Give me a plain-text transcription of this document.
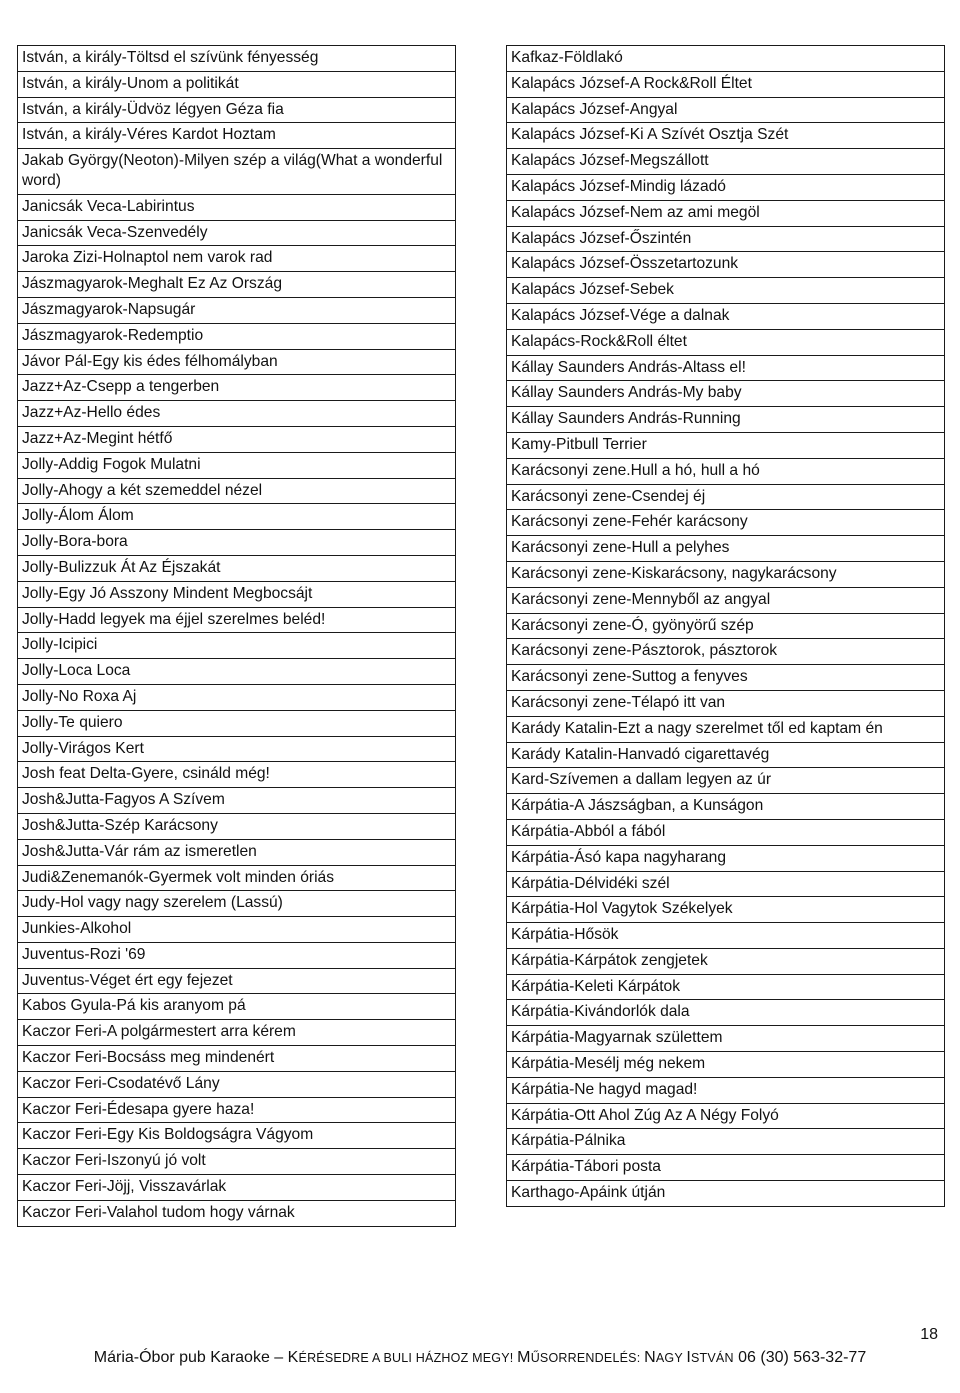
István, a király-Töltsd el szívünk fényesség
István, a király-Unom a politikát
István, a király-Üdvöz légyen Géza fia
István, a király-Véres Kardot Hoztam
Jakab György(Neoton)-Milyen szép a világ(What a wonderful word)
Janicsák Veca-Labirintus
Janicsák Veca-Szenvedély
Jaroka Zizi-Holnaptol nem varok rad
Jászmagyarok-Meghalt Ez Az Ország
Jászmagyarok-Napsugár
Jászmagyarok-Redemptio
Jávor Pál-Egy kis édes félhomályban
Jazz+Az-Csepp a tengerben
Jazz+Az-Hello édes
Jazz+Az-Megint hétfő
Jolly-Addig Fogok Mulatni
Jolly-Ahogy a két szemeddel nézel
Jolly-Álom Álom
Jolly-Bora-bora
Jolly-Bulizzuk Át Az Éjszakát
Jolly-Egy Jó Asszony Mindent Megbocsájt
Jolly-Hadd legyek ma éjjel szerelmes beléd!
Jolly-Icipici
Jolly-Loca Loca
Jolly-No Roxa Aj
Jolly-Te quiero
Jolly-Virágos Kert
Josh feat Delta-Gyere, csináld még!
Josh&Jutta-Fagyos A Szívem
Josh&Jutta-Szép Karácsony
Josh&Jutta-Vár rám az ismeretlen
Judi&Zenemanók-Gyermek volt minden óriás
Judy-Hol vagy nagy szerelem (Lassú)
Junkies-Alkohol
Juventus-Rozi '69
Juventus-Véget ért egy fejezet
Kabos Gyula-Pá kis aranyom pá
Kaczor Feri-A polgármestert arra kérem
Kaczor Feri-Bocsáss meg mindenért
Kaczor Feri-Csodatévő Lány
Kaczor Feri-Édesapa gyere haza!
Kaczor Feri-Egy Kis Boldogságra Vágyom
Kaczor Feri-Iszonyú jó volt
Kaczor Feri-Jöjj, Visszavárlak
Kaczor Feri-Valahol tudom hogy várnak
Kafkaz-Földlakó
Kalapács József-A Rock&Roll Éltet
Kalapács József-Angyal
Kalapács József-Ki A Szívét Osztja Szét
Kalapács József-Megszállott
Kalapács József-Mindig lázadó
Kalapács József-Nem az ami megöl
Kalapács József-Őszintén
Kalapács József-Összetartozunk
Kalapács József-Sebek
Kalapács József-Vége a dalnak
Kalapács-Rock&Roll éltet
Kállay Saunders András-Altass el!
Kállay Saunders András-My baby
Kállay Saunders András-Running
Kamy-Pitbull Terrier
Karácsonyi zene.Hull a hó, hull a hó
Karácsonyi zene-Csendej éj
Karácsonyi zene-Fehér karácsony
Karácsonyi zene-Hull a pelyhes
Karácsonyi zene-Kiskarácsony, nagykarácsony
Karácsonyi zene-Mennyből az angyal
Karácsonyi zene-Ó, gyönyörű szép
Karácsonyi zene-Pásztorok, pásztorok
Karácsonyi zene-Suttog a fenyves
Karácsonyi zene-Télapó itt van
Karády Katalin-Ezt a nagy szerelmet től ed kaptam én
Karády Katalin-Hanvadó cigarettavég
Kard-Szívemen a dallam legyen az úr
Kárpátia-A Jászságban, a Kunságon
Kárpátia-Abból a fából
Kárpátia-Ásó kapa nagyharang
Kárpátia-Délvidéki szél
Kárpátia-Hol Vagytok Székelyek
Kárpátia-Hősök
Kárpátia-Kárpátok zengjetek
Kárpátia-Keleti Kárpátok
Kárpátia-Kivándorlók dala
Kárpátia-Magyarnak születtem
Kárpátia-Mesélj még nekem
Kárpátia-Ne hagyd magad!
Kárpátia-Ott Ahol Zúg Az A Négy Folyó
Kárpátia-Pálnika
Kárpátia-Tábori posta
Karthago-Apáink útján
18
Mária-Óbor pub Karaoke – KÉRÉSEDRE A BULI HÁZHOZ MEGY! MŰSORRENDELÉS: NAGY ISTVÁN 06 (30) 563-32-77
